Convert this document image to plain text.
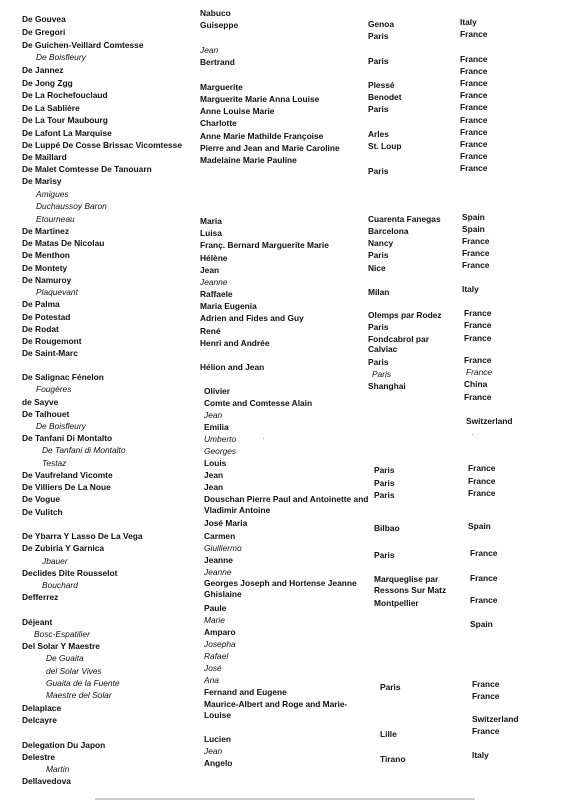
De Gouvea
De Gregori
De Guichen-Veillard Comtesse
De Boisfleury
De Jannez
De Jong Zgg
De La Rochefouclaud
De La Sablière
De La Tour Maubourg
De Lafont La Marquise
De Luppé De Cosse Brissac Vicomtesse
De Maillard
De Malet Comtesse De Tanouarn
De Marisy
Amigues
Duchaussoy Baron
Etourneau
De Martinez
De Matas De Nicolau
De Menthon
De Montety
De Namuroy
Plaquevant
De Palma
De Potestad
De Rodat
De Rougemont
De Saint-Marc
De Salignac Fénelon
Fougères
de Sayve
De Talhouet
De Boisfleury
De Tanfani Di Montalto
De Tanfani di Montalto
Testaz
De Vaufreland Vicomte
De Villiers De La Noue
De Vogue
De Vulitch
De Ybarra Y Lasso De La Vega
De Zubiria Y Garnica
Jbauer
Declides Dite Rousselot
Bouchard
Defferrez
Déjeant
Bosc-Espatilier
Del Solar Y Maestre
De Guaita
del Solar Vives
Guaita de la Fuente
Maestre del Solar
Delaplace
Delcayre
Delegation Du Japon
Delestre
Martin
Dellavedova
Nabuco
Guiseppe
Jean
Bertrand
Marguerite
Marguerite Marie Anna Louise
Anne Louise Marie
Charlotte
Anne Marie Mathilde Françoise
Pierre and Jean and Marie Caroline
Madelaine Marie Pauline
Maria
Luisa
Franç. Bernard Marguerite Marie
Hélène
Jean
Jeanne
Raffaele
Maria Eugenia
Adrien and Fides and Guy
René
Henri and Andrée
Hélion and Jean
Olivier
Comte and Comtesse Alain
Jean
Emilia
Umberto
Georges
Louis
Jean
Jean
Douschan Pierre Paul and Antoinette and Vladimir Antoine
José Maria
Carmen
Giulliermo
Jeanne
Jeanne
Georges Joseph and Hortense Jeanne Ghislaine
Paule
Marie
Amparo
Josepha
Rafael
José
Ana
Fernand and Eugene
Maurice-Albert and Roge and Marie-Louise
Lucien
Jean
Angelo
Genoa
Paris
Paris
Plessé
Benodet
Paris
Arles
St. Loup
Paris
Cuarenta Fanegas
Barcelona
Nancy
Paris
Nice
Milan
Olemps par Rodez
Paris
Fondcabrol par Calviac
Paris
Paris
Shanghai
Paris
Paris
Paris
Bilbao
Paris
Marqueglise par Ressons Sur Matz
Montpellier
Paris
Lille
Tirano
Italy
France
France
France
France
France
France
France
France
France
France
France
Spain
Spain
France
France
France
Italy
France
France
France
France
France
China
France
Switzerland
France
France
France
Spain
France
France
France
Spain
France
France
Switzerland
France
Italy
